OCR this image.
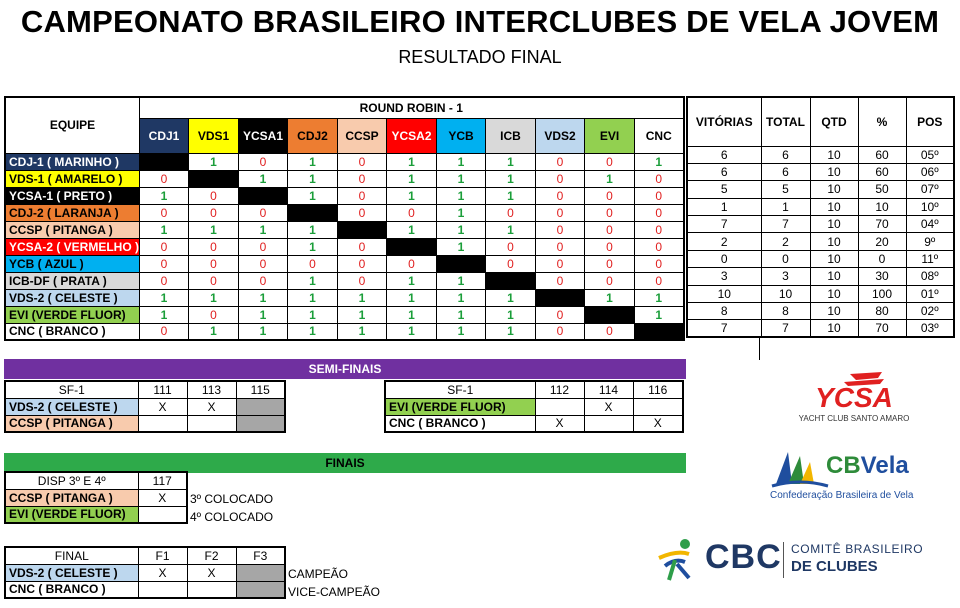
CAMPEONATO BRASILEIRO INTERCLUBES DE VELA JOVEM
RESULTADO FINAL
EQUIPE	ROUND ROBIN - 1										
	CDJ1	VDS1	YCSA1	CDJ2	CCSP	YCSA2	YCB	ICB	VDS2	EVI	CNC
CDJ-1 ( MARINHO )		1	0	1	0	1	1	1	0	0	1
VDS-1 ( AMARELO )	0		1	1	0	1	1	1	0	1	0
YCSA-1 ( PRETO )	1	0		1	0	1	1	1	0	0	0
CDJ-2 ( LARANJA )	0	0	0		0	0	1	0	0	0	0
CCSP ( PITANGA )	1	1	1	1		1	1	1	0	0	0
YCSA-2 ( VERMELHO )	0	0	0	1	0		1	0	0	0	0
YCB ( AZUL )	0	0	0	0	0	0		0	0	0	0
ICB-DF ( PRATA )	0	0	0	1	0	1	1		0	0	0
VDS-2 ( CELESTE )	1	1	1	1	1	1	1	1		1	1
EVI (VERDE FLUOR)	1	0	1	1	1	1	1	1	0		1
CNC ( BRANCO )	0	1	1	1	1	1	1	1	0	0	
VITÓRIAS	TOTAL	QTD	%	POS
6	6	10	60	05º
6	6	10	60	06º
5	5	10	50	07º
1	1	10	10	10º
7	7	10	70	04º
2	2	10	20	9º
0	0	10	0	11º
3	3	10	30	08º
10	10	10	100	01º
8	8	10	80	02º
7	7	10	70	03º
SEMI-FINAIS
SF-1	111	113	115
VDS-2 ( CELESTE )	X	X	
CCSP ( PITANGA )			
SF-1	112	114	116
EVI (VERDE FLUOR)		X	
CNC ( BRANCO )	X		X
FINAIS
DISP 3º E 4º	117
CCSP ( PITANGA )	X
EVI (VERDE FLUOR)	
3º COLOCADO
4º COLOCADO
FINAL	F1	F2	F3
VDS-2 ( CELESTE )	X	X	
CNC ( BRANCO )			
CAMPEÃO
VICE-CAMPEÃO
YCSA
YACHT CLUB SANTO AMARO
CBVela
Confederação Brasileira de Vela
CBC COMITÊ BRASILEIRO
DE CLUBES
